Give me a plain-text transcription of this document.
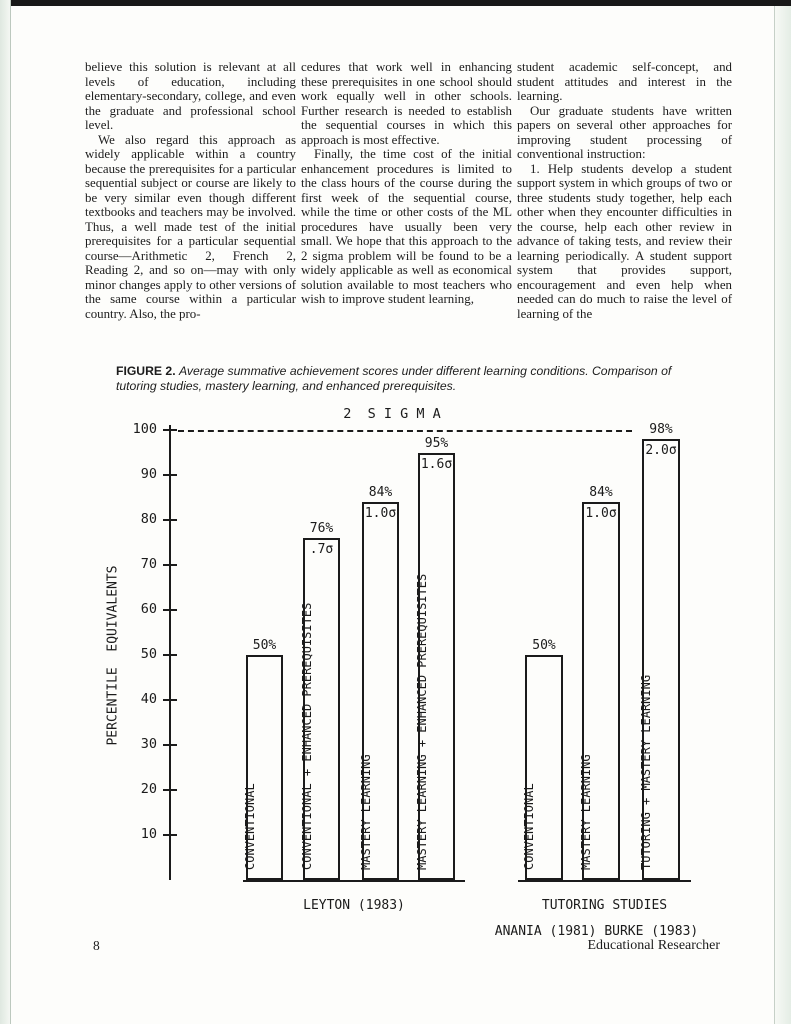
believe this solution is relevant at all levels of education, including elementary-secondary, college, and even the graduate and professional school level.

We also regard this approach as widely applicable within a country because the prerequisites for a particular sequential subject or course are likely to be very similar even though different textbooks and teachers may be involved. Thus, a well made test of the initial prerequisites for a particular sequential course—Arithmetic 2, French 2, Reading 2, and so on—may with only minor changes apply to other versions of the same course within a particular country. Also, the pro-

cedures that work well in enhancing these prerequisites in one school should work equally well in other schools. Further research is needed to establish the sequential courses in which this approach is most effective.

Finally, the time cost of the initial enhancement procedures is limited to the class hours of the course during the first week of the sequential course, while the time or other costs of the ML procedures have usually been very small. We hope that this approach to the 2 sigma problem will be found to be a widely applicable as well as economical solution available to most teachers who wish to improve student learning,

student academic self-concept, and student attitudes and interest in the learning.

Our graduate students have written papers on several other approaches for improving student processing of conventional instruction:

1. Help students develop a student support system in which groups of two or three students study together, help each other when they encounter difficulties in the course, help each other review in advance of taking tests, and review their learning periodically. A student support system that provides support, encouragement and even help when needed can do much to raise the level of learning of the

FIGURE 2. Average summative achievement scores under different learning conditions. Comparison of tutoring studies, mastery learning, and enhanced prerequisites.

PERCENTILE  EQUIVALENTS
10
20
30
40
50
60
70
80
90
100
2  S I G M A
LEYTON (1983)
CONVENTIONAL
50%	CONVENTIONAL + ENHANCED PREREQUISITES
76%
.7σ
MASTERY LEARNING
84%
1.0σ
MASTERY LEARNING + ENHANCED PREREQUISITES
95%
1.6σ
TUTORING STUDIES
ANANIA (1981) BURKE (1983)
CONVENTIONAL
50%
MASTERY LEARNING
84%
1.0σ
TUTORING + MASTERY LEARNING
98%
2.0σ
8	Educational Researcher
